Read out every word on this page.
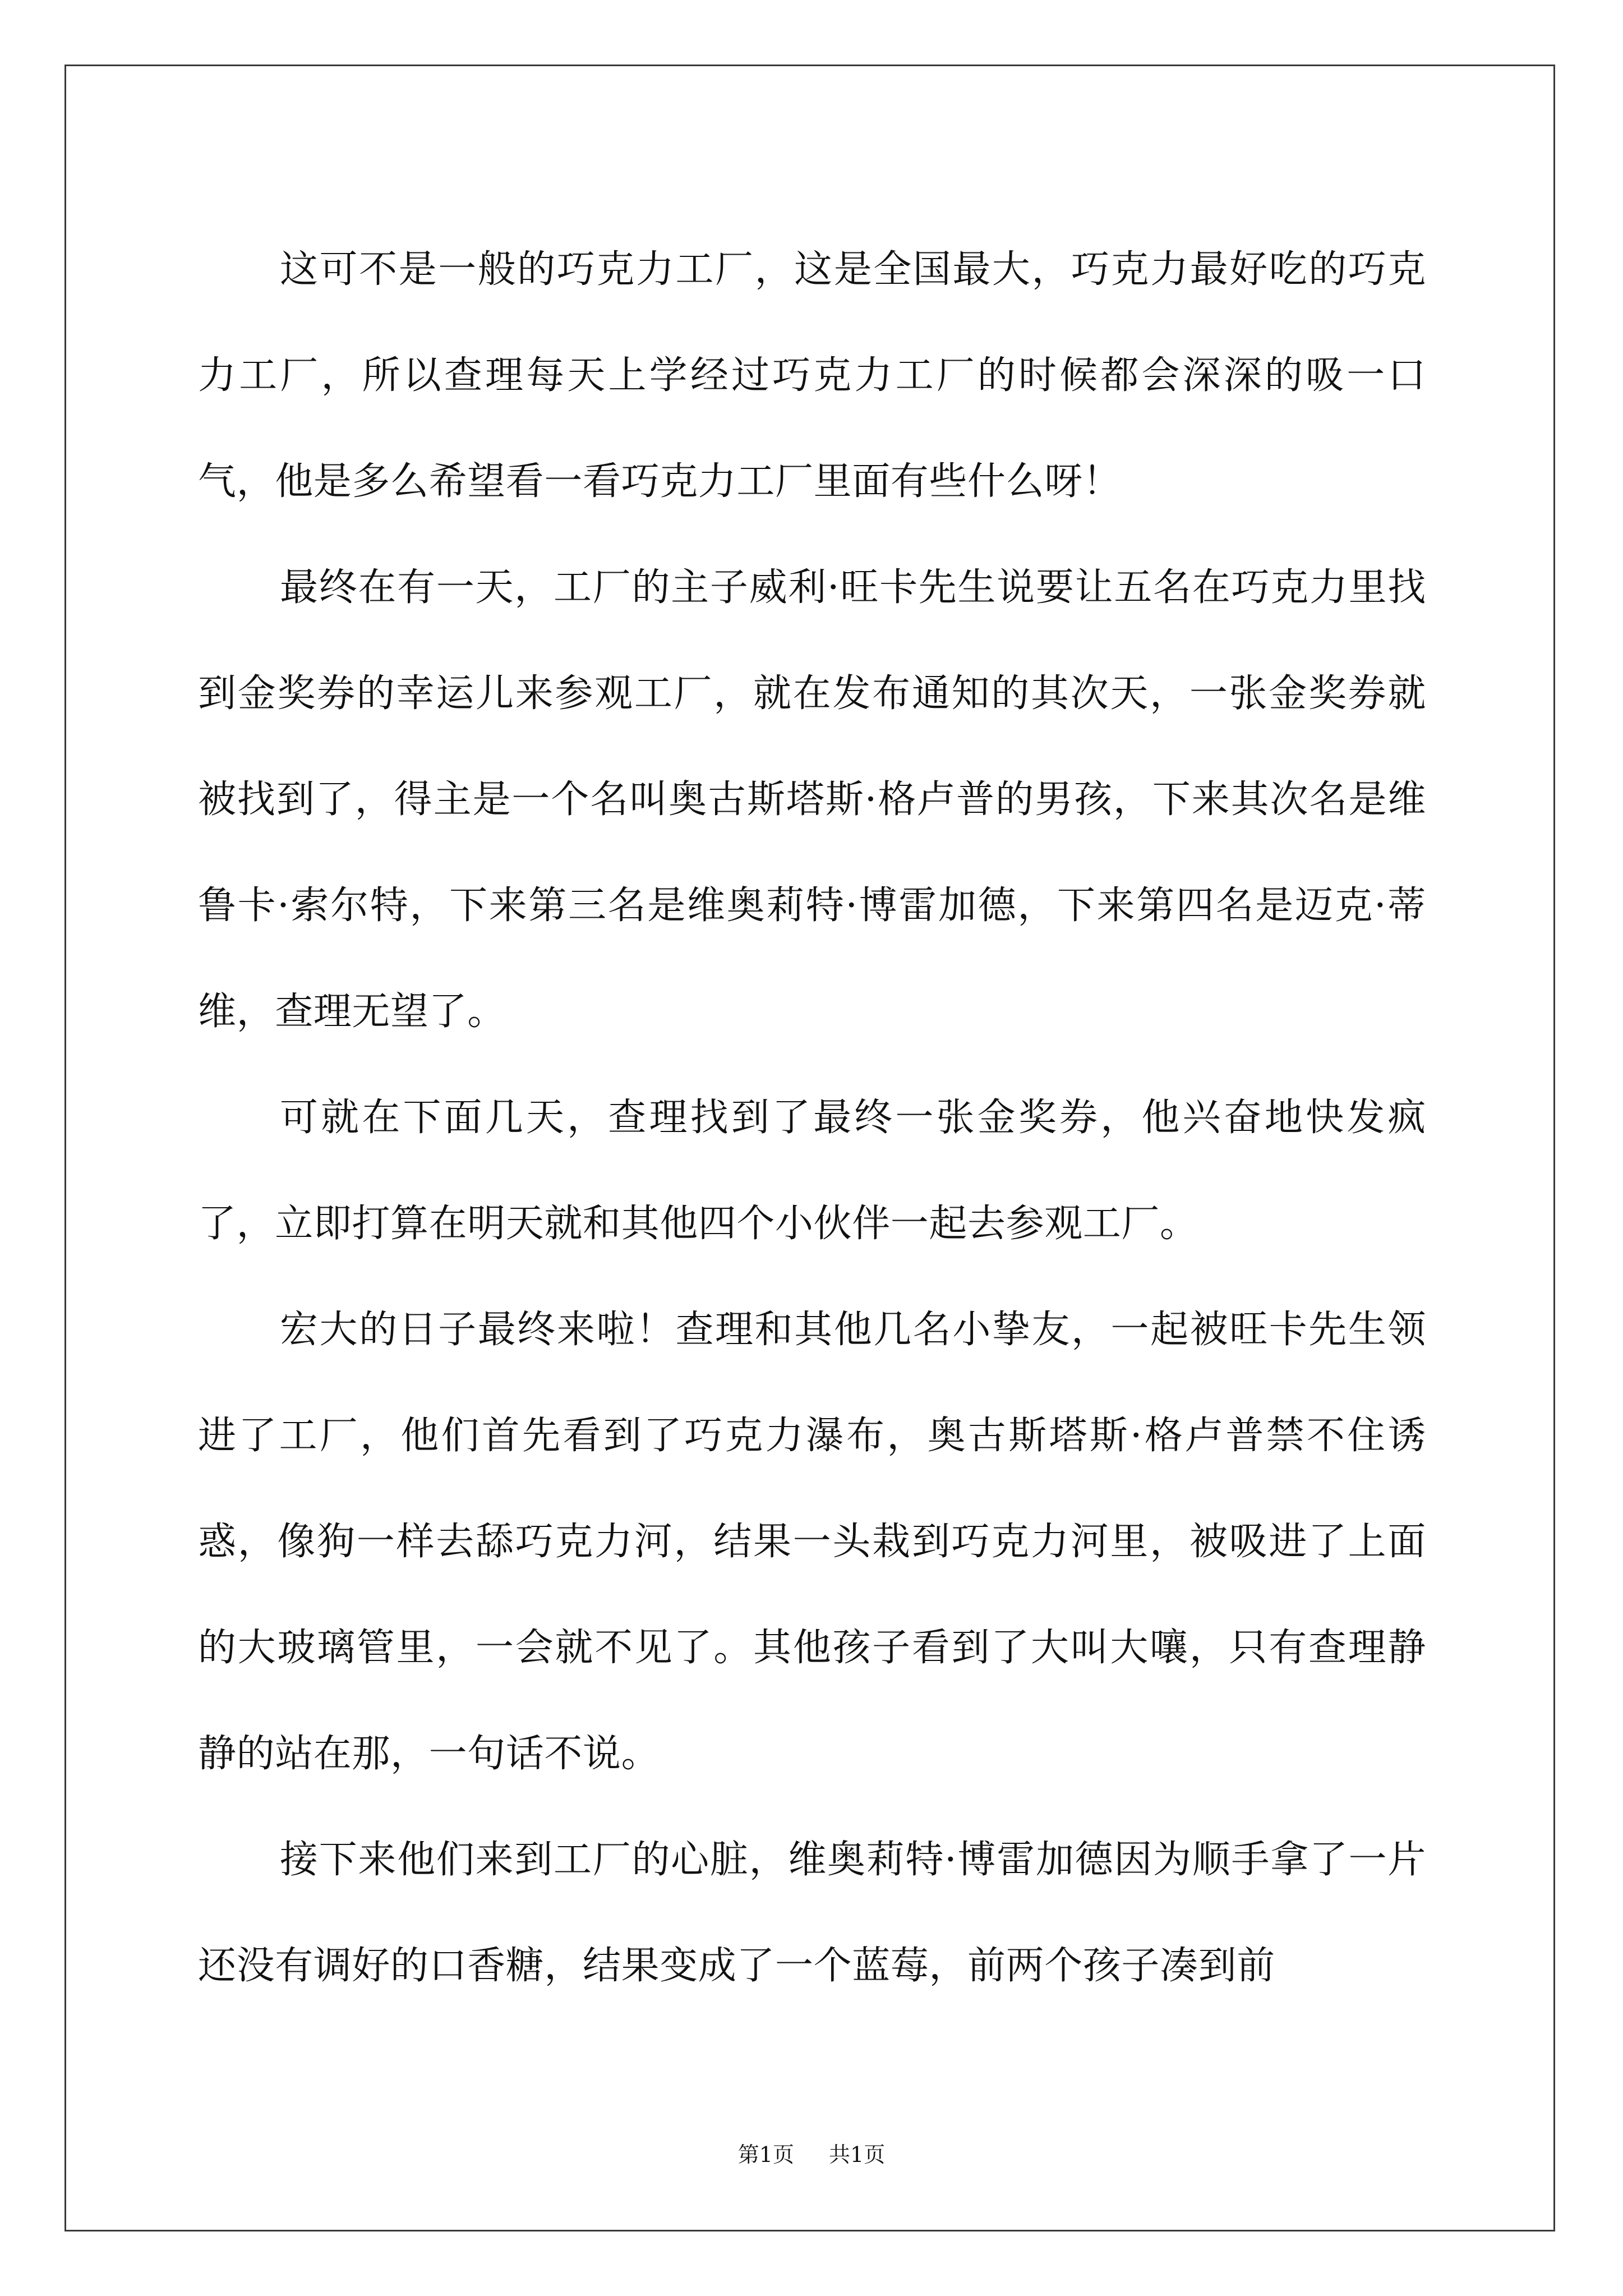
这可不是一般的巧克力工厂，这是全国最大，巧克力最好吃的巧克力工厂，所以查理每天上学经过巧克力工厂的时候都会深深的吸一口气，他是多么希望看一看巧克力工厂里面有些什么呀！

最终在有一天，工厂的主子威利·旺卡先生说要让五名在巧克力里找到金奖券的幸运儿来参观工厂，就在发布通知的其次天，一张金奖券就被找到了，得主是一个名叫奥古斯塔斯·格卢普的男孩，下来其次名是维鲁卡·索尔特，下来第三名是维奥莉特·博雷加德，下来第四名是迈克·蒂维，查理无望了。

可就在下面几天，查理找到了最终一张金奖券，他兴奋地快发疯了，立即打算在明天就和其他四个小伙伴一起去参观工厂。

宏大的日子最终来啦！查理和其他几名小挚友，一起被旺卡先生领进了工厂，他们首先看到了巧克力瀑布，奥古斯塔斯·格卢普禁不住诱惑，像狗一样去舔巧克力河，结果一头栽到巧克力河里，被吸进了上面的大玻璃管里，一会就不见了。其他孩子看到了大叫大嚷，只有查理静静的站在那，一句话不说。

接下来他们来到工厂的心脏，维奥莉特·博雷加德因为顺手拿了一片还没有调好的口香糖，结果变成了一个蓝莓，前两个孩子凑到前

第1页 共1页
